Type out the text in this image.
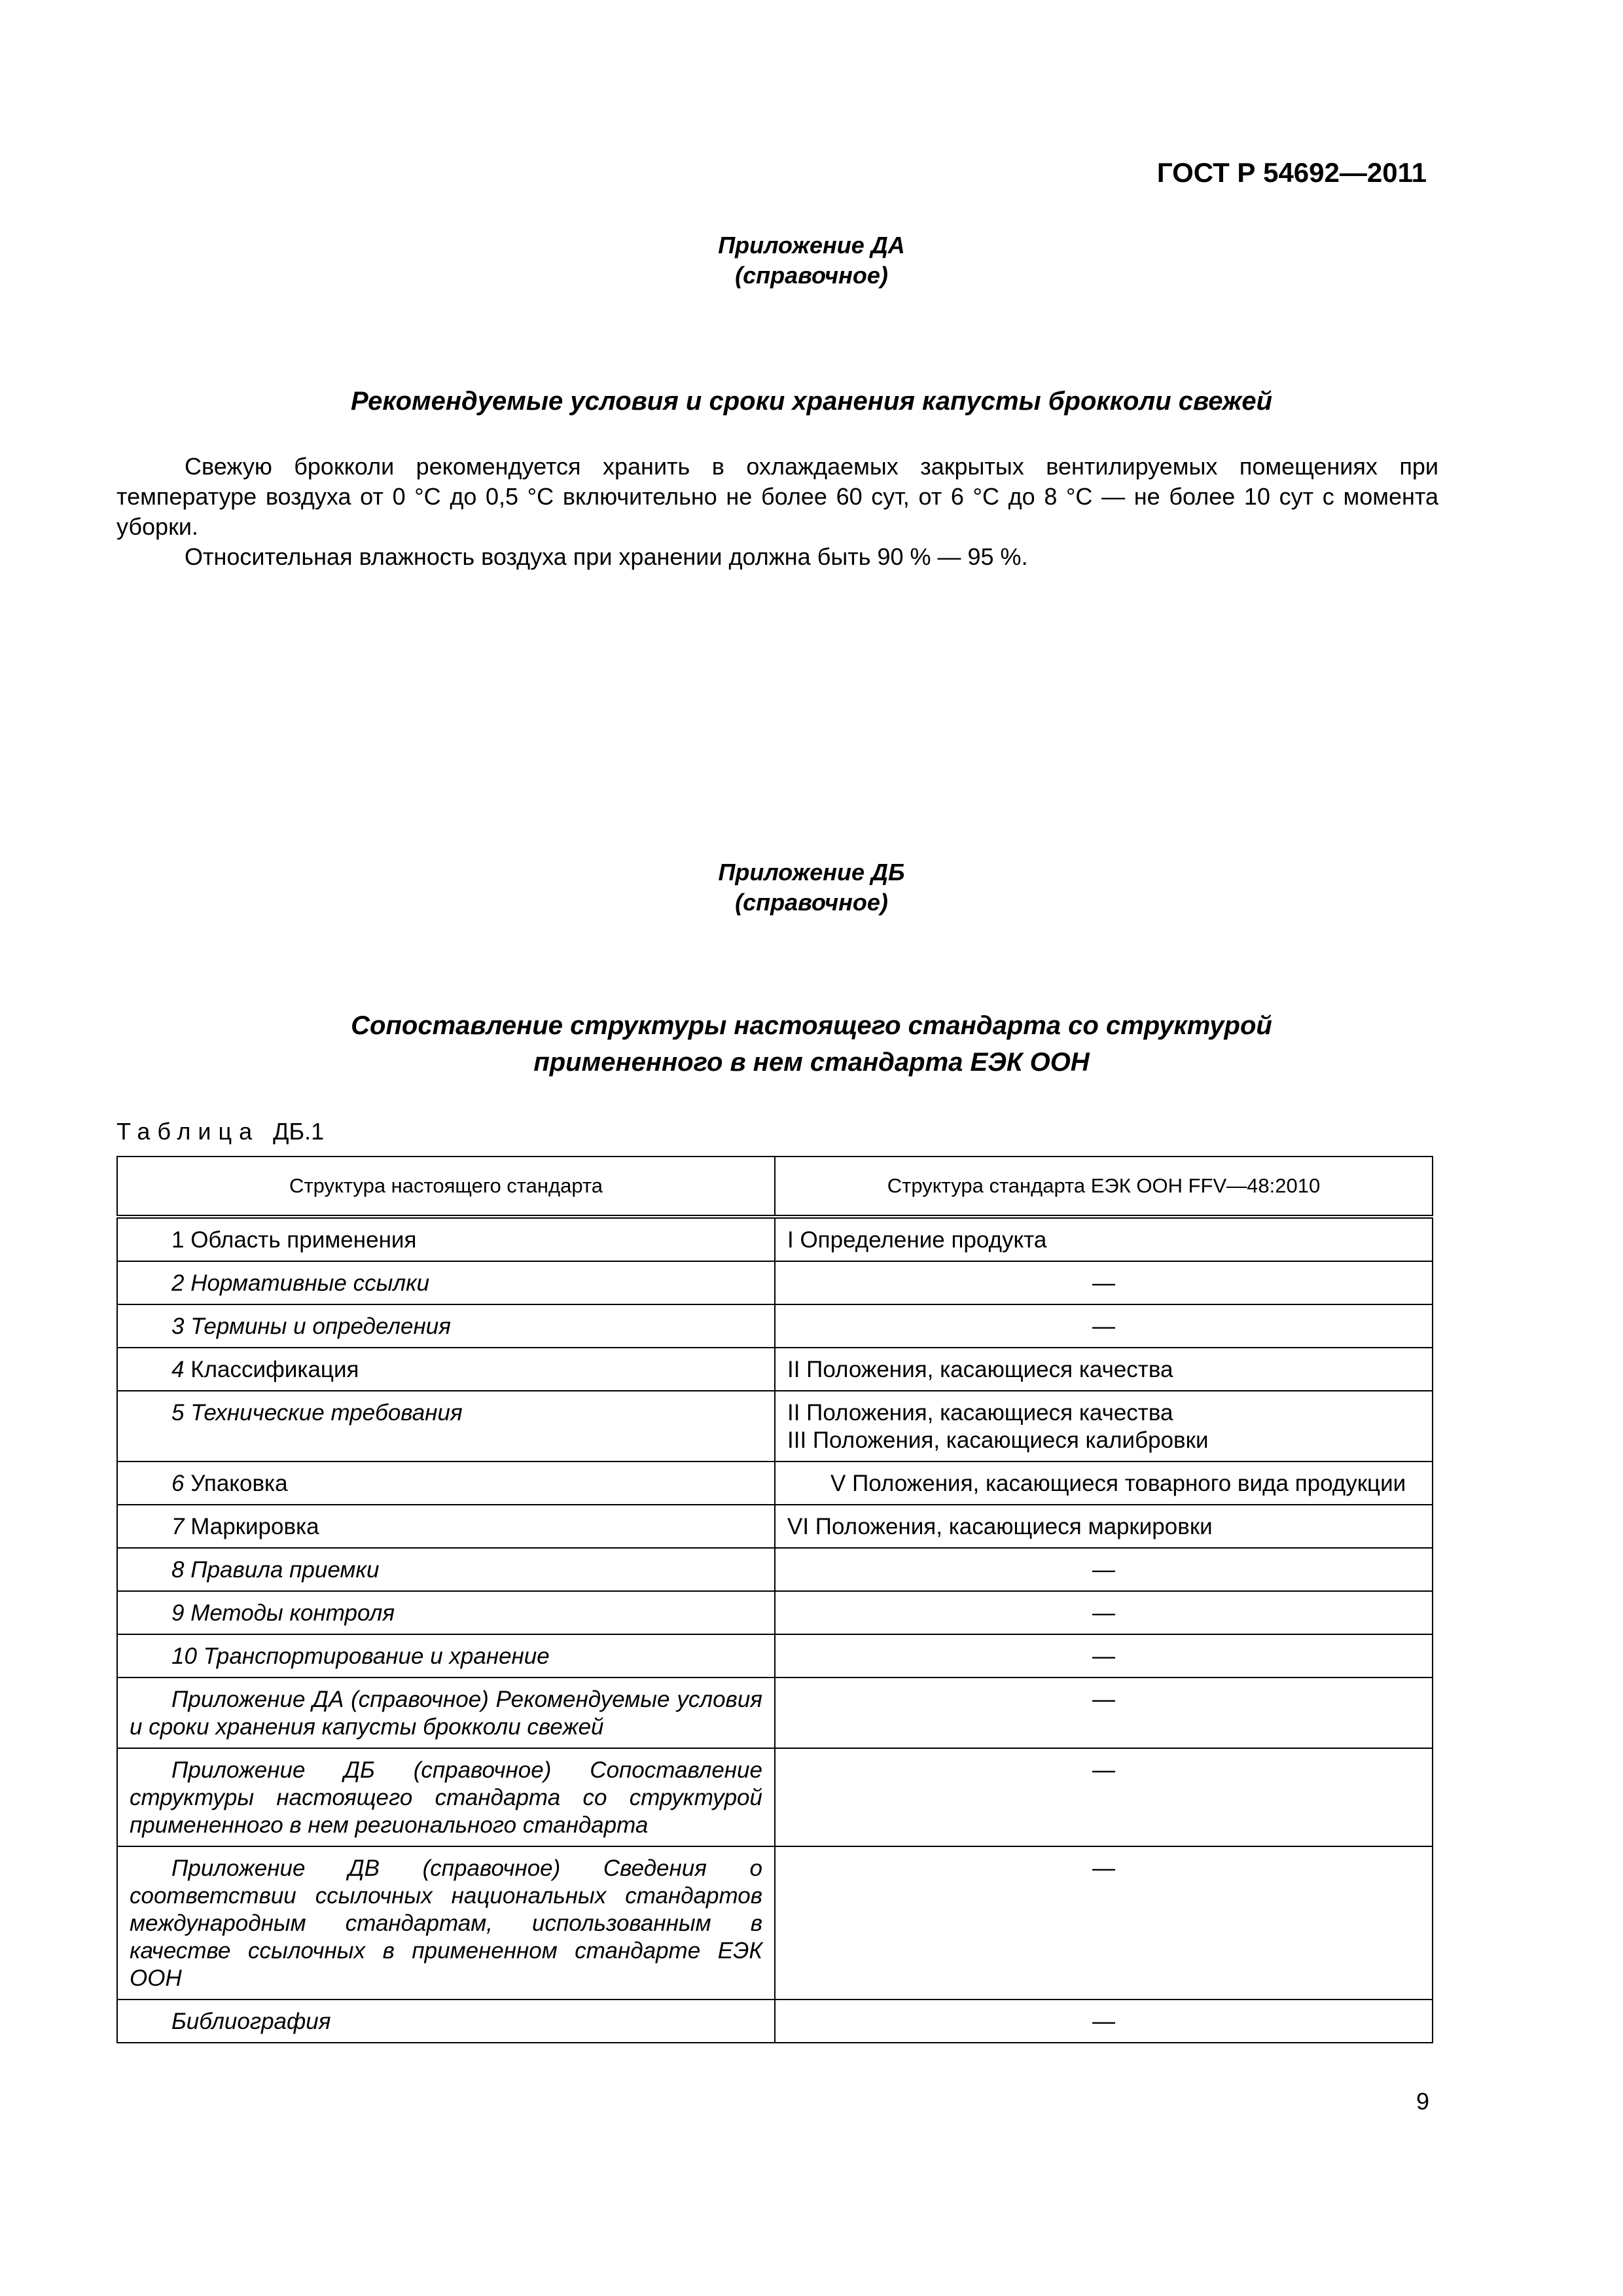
ГОСТ Р 54692—2011
Приложение ДА
(справочное)
Рекомендуемые условия и сроки хранения капусты брокколи свежей

Свежую брокколи рекомендуется хранить в охлаждаемых закрытых вентилируемых помещениях при температуре воздуха от 0 °С до 0,5 °С включительно не более 60 сут, от 6 °С до 8 °С — не более 10 сут с момента уборки.

Относительная влажность воздуха при хранении должна быть 90 % — 95 %.

Приложение ДБ
(справочное)
Сопоставление структуры настоящего стандарта со структурой
примененного в нем стандарта ЕЭК ООН
Таблица ДБ.1
Структура настоящего стандарта	Структура стандарта ЕЭК ООН FFV—48:2010
1 Область применения	I Определение продукта
2 Нормативные ссылки	—
3 Термины и определения	—
4 Классификация	II Положения, касающиеся качества
5 Технические требования	II Положения, касающиеся качества
III Положения, касающиеся калибровки

6 Упаковка	V Положения, касающиеся товарного вида продукции
7 Маркировка	VI Положения, касающиеся маркировки
8 Правила приемки	—
9 Методы контроля	—
10 Транспортирование и хранение	—
Приложение ДА (справочное) Рекомендуемые условия и сроки хранения капусты брокколи свежей	—
Приложение ДБ (справочное) Сопоставление структуры настоящего стандарта со структурой примененного в нем регионального стандарта	—
Приложение ДВ (справочное) Сведения о соответствии ссылочных национальных стандартов международным стандартам, использованным в качестве ссылочных в примененном стандарте ЕЭК ООН	—
Библиография	—
9
